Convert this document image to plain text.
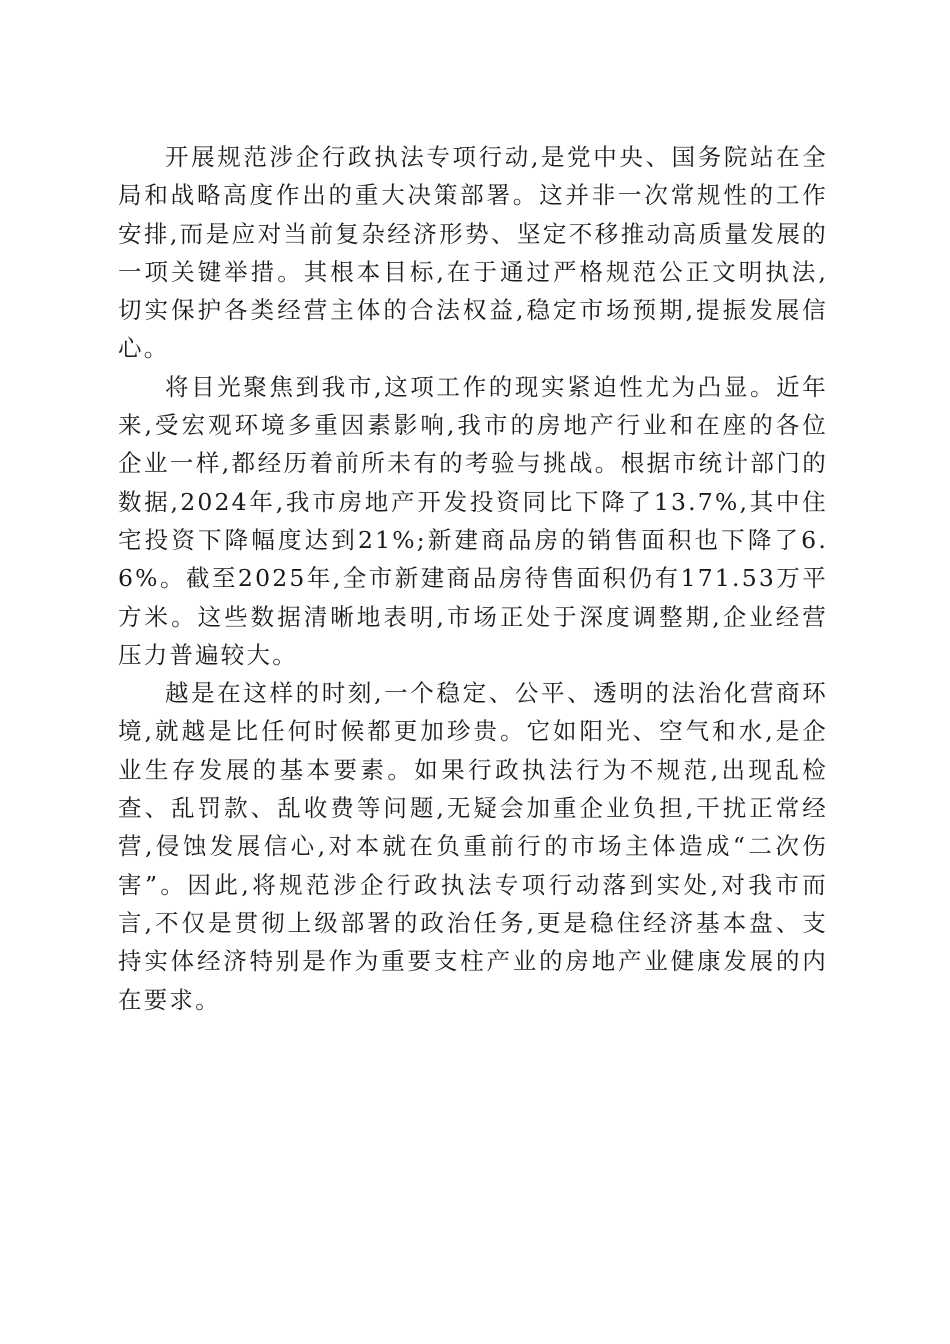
开展规范涉企行政执法专项行动,是党中央、国务院站在全局和战略高度作出的重大决策部署。这并非一次常规性的工作安排,而是应对当前复杂经济形势、坚定不移推动高质量发展的一项关键举措。其根本目标,在于通过严格规范公正文明执法,切实保护各类经营主体的合法权益,稳定市场预期,提振发展信心。

将目光聚焦到我市,这项工作的现实紧迫性尤为凸显。近年来,受宏观环境多重因素影响,我市的房地产行业和在座的各位企业一样,都经历着前所未有的考验与挑战。根据市统计部门的数据,2024年,我市房地产开发投资同比下降了13.7%,其中住宅投资下降幅度达到21%;新建商品房的销售面积也下降了6.6%。截至2025年,全市新建商品房待售面积仍有171.53万平方米。这些数据清晰地表明,市场正处于深度调整期,企业经营压力普遍较大。

越是在这样的时刻,一个稳定、公平、透明的法治化营商环境,就越是比任何时候都更加珍贵。它如阳光、空气和水,是企业生存发展的基本要素。如果行政执法行为不规范,出现乱检查、乱罚款、乱收费等问题,无疑会加重企业负担,干扰正常经营,侵蚀发展信心,对本就在负重前行的市场主体造成“二次伤害”。因此,将规范涉企行政执法专项行动落到实处,对我市而言,不仅是贯彻上级部署的政治任务,更是稳住经济基本盘、支持实体经济特别是作为重要支柱产业的房地产业健康发展的内在要求。
